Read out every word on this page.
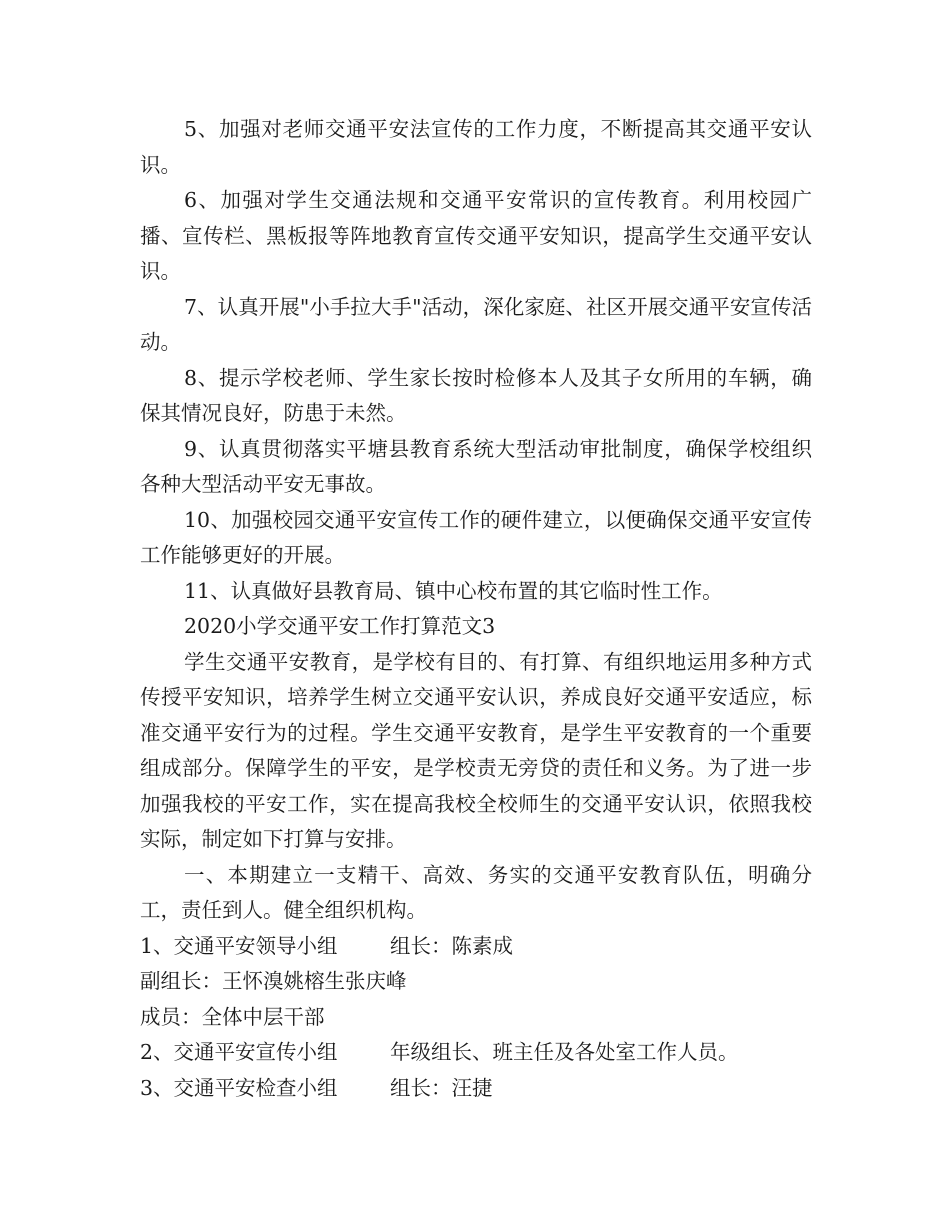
5、加强对老师交通平安法宣传的工作力度，不断提高其交通平安认识。

6、加强对学生交通法规和交通平安常识的宣传教育。利用校园广播、宣传栏、黑板报等阵地教育宣传交通平安知识，提高学生交通平安认识。

7、认真开展"小手拉大手"活动，深化家庭、社区开展交通平安宣传活动。

8、提示学校老师、学生家长按时检修本人及其子女所用的车辆，确保其情况良好，防患于未然。

9、认真贯彻落实平塘县教育系统大型活动审批制度，确保学校组织各种大型活动平安无事故。

10、加强校园交通平安宣传工作的硬件建立，以便确保交通平安宣传工作能够更好的开展。

11、认真做好县教育局、镇中心校布置的其它临时性工作。

2020小学交通平安工作打算范文3

学生交通平安教育，是学校有目的、有打算、有组织地运用多种方式传授平安知识，培养学生树立交通平安认识，养成良好交通平安适应，标准交通平安行为的过程。学生交通平安教育，是学生平安教育的一个重要组成部分。保障学生的平安，是学校责无旁贷的责任和义务。为了进一步加强我校的平安工作，实在提高我校全校师生的交通平安认识，依照我校实际，制定如下打算与安排。

一、本期建立一支精干、高效、务实的交通平安教育队伍，明确分工，责任到人。健全组织机构。

1、交通平安领导小组	组长：陈素成

副组长：王怀溴姚榕生张庆峰

成员：全体中层干部

2、交通平安宣传小组	年级组长、班主任及各处室工作人员。

3、交通平安检查小组	组长：汪捷
